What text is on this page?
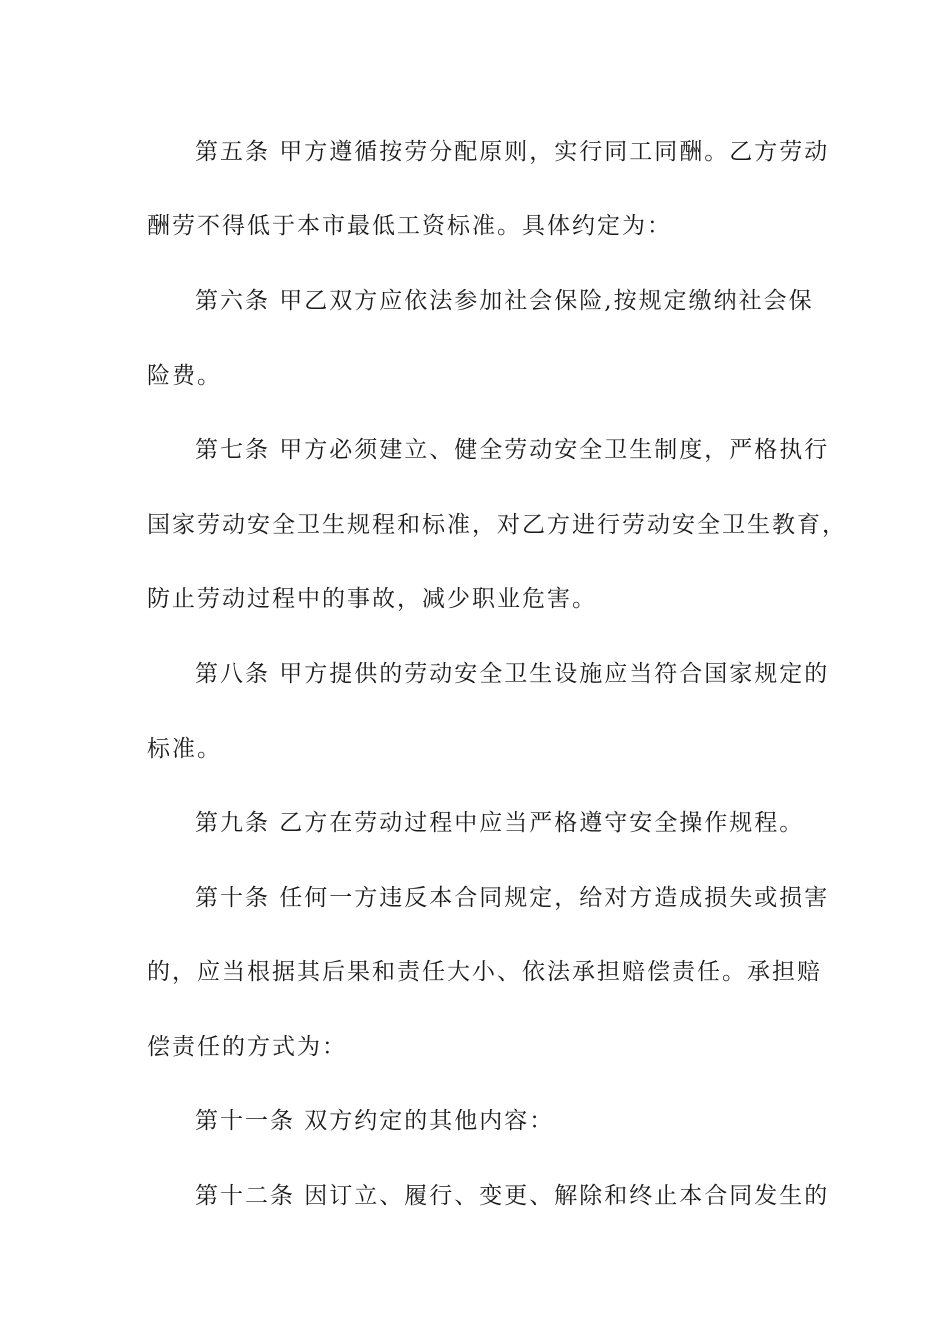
第五条 甲方遵循按劳分配原则，实行同工同酬。乙方劳动
酬劳不得低于本市最低工资标准。具体约定为：
第六条 甲乙双方应依法参加社会保险,按规定缴纳社会保
险费。
第七条 甲方必须建立、健全劳动安全卫生制度，严格执行
国家劳动安全卫生规程和标准，对乙方进行劳动安全卫生教育，
防止劳动过程中的事故，减少职业危害。
第八条 甲方提供的劳动安全卫生设施应当符合国家规定的
标准。
第九条 乙方在劳动过程中应当严格遵守安全操作规程。
第十条 任何一方违反本合同规定，给对方造成损失或损害
的，应当根据其后果和责任大小、依法承担赔偿责任。承担赔
偿责任的方式为：
第十一条 双方约定的其他内容：
第十二条 因订立、履行、变更、解除和终止本合同发生的
